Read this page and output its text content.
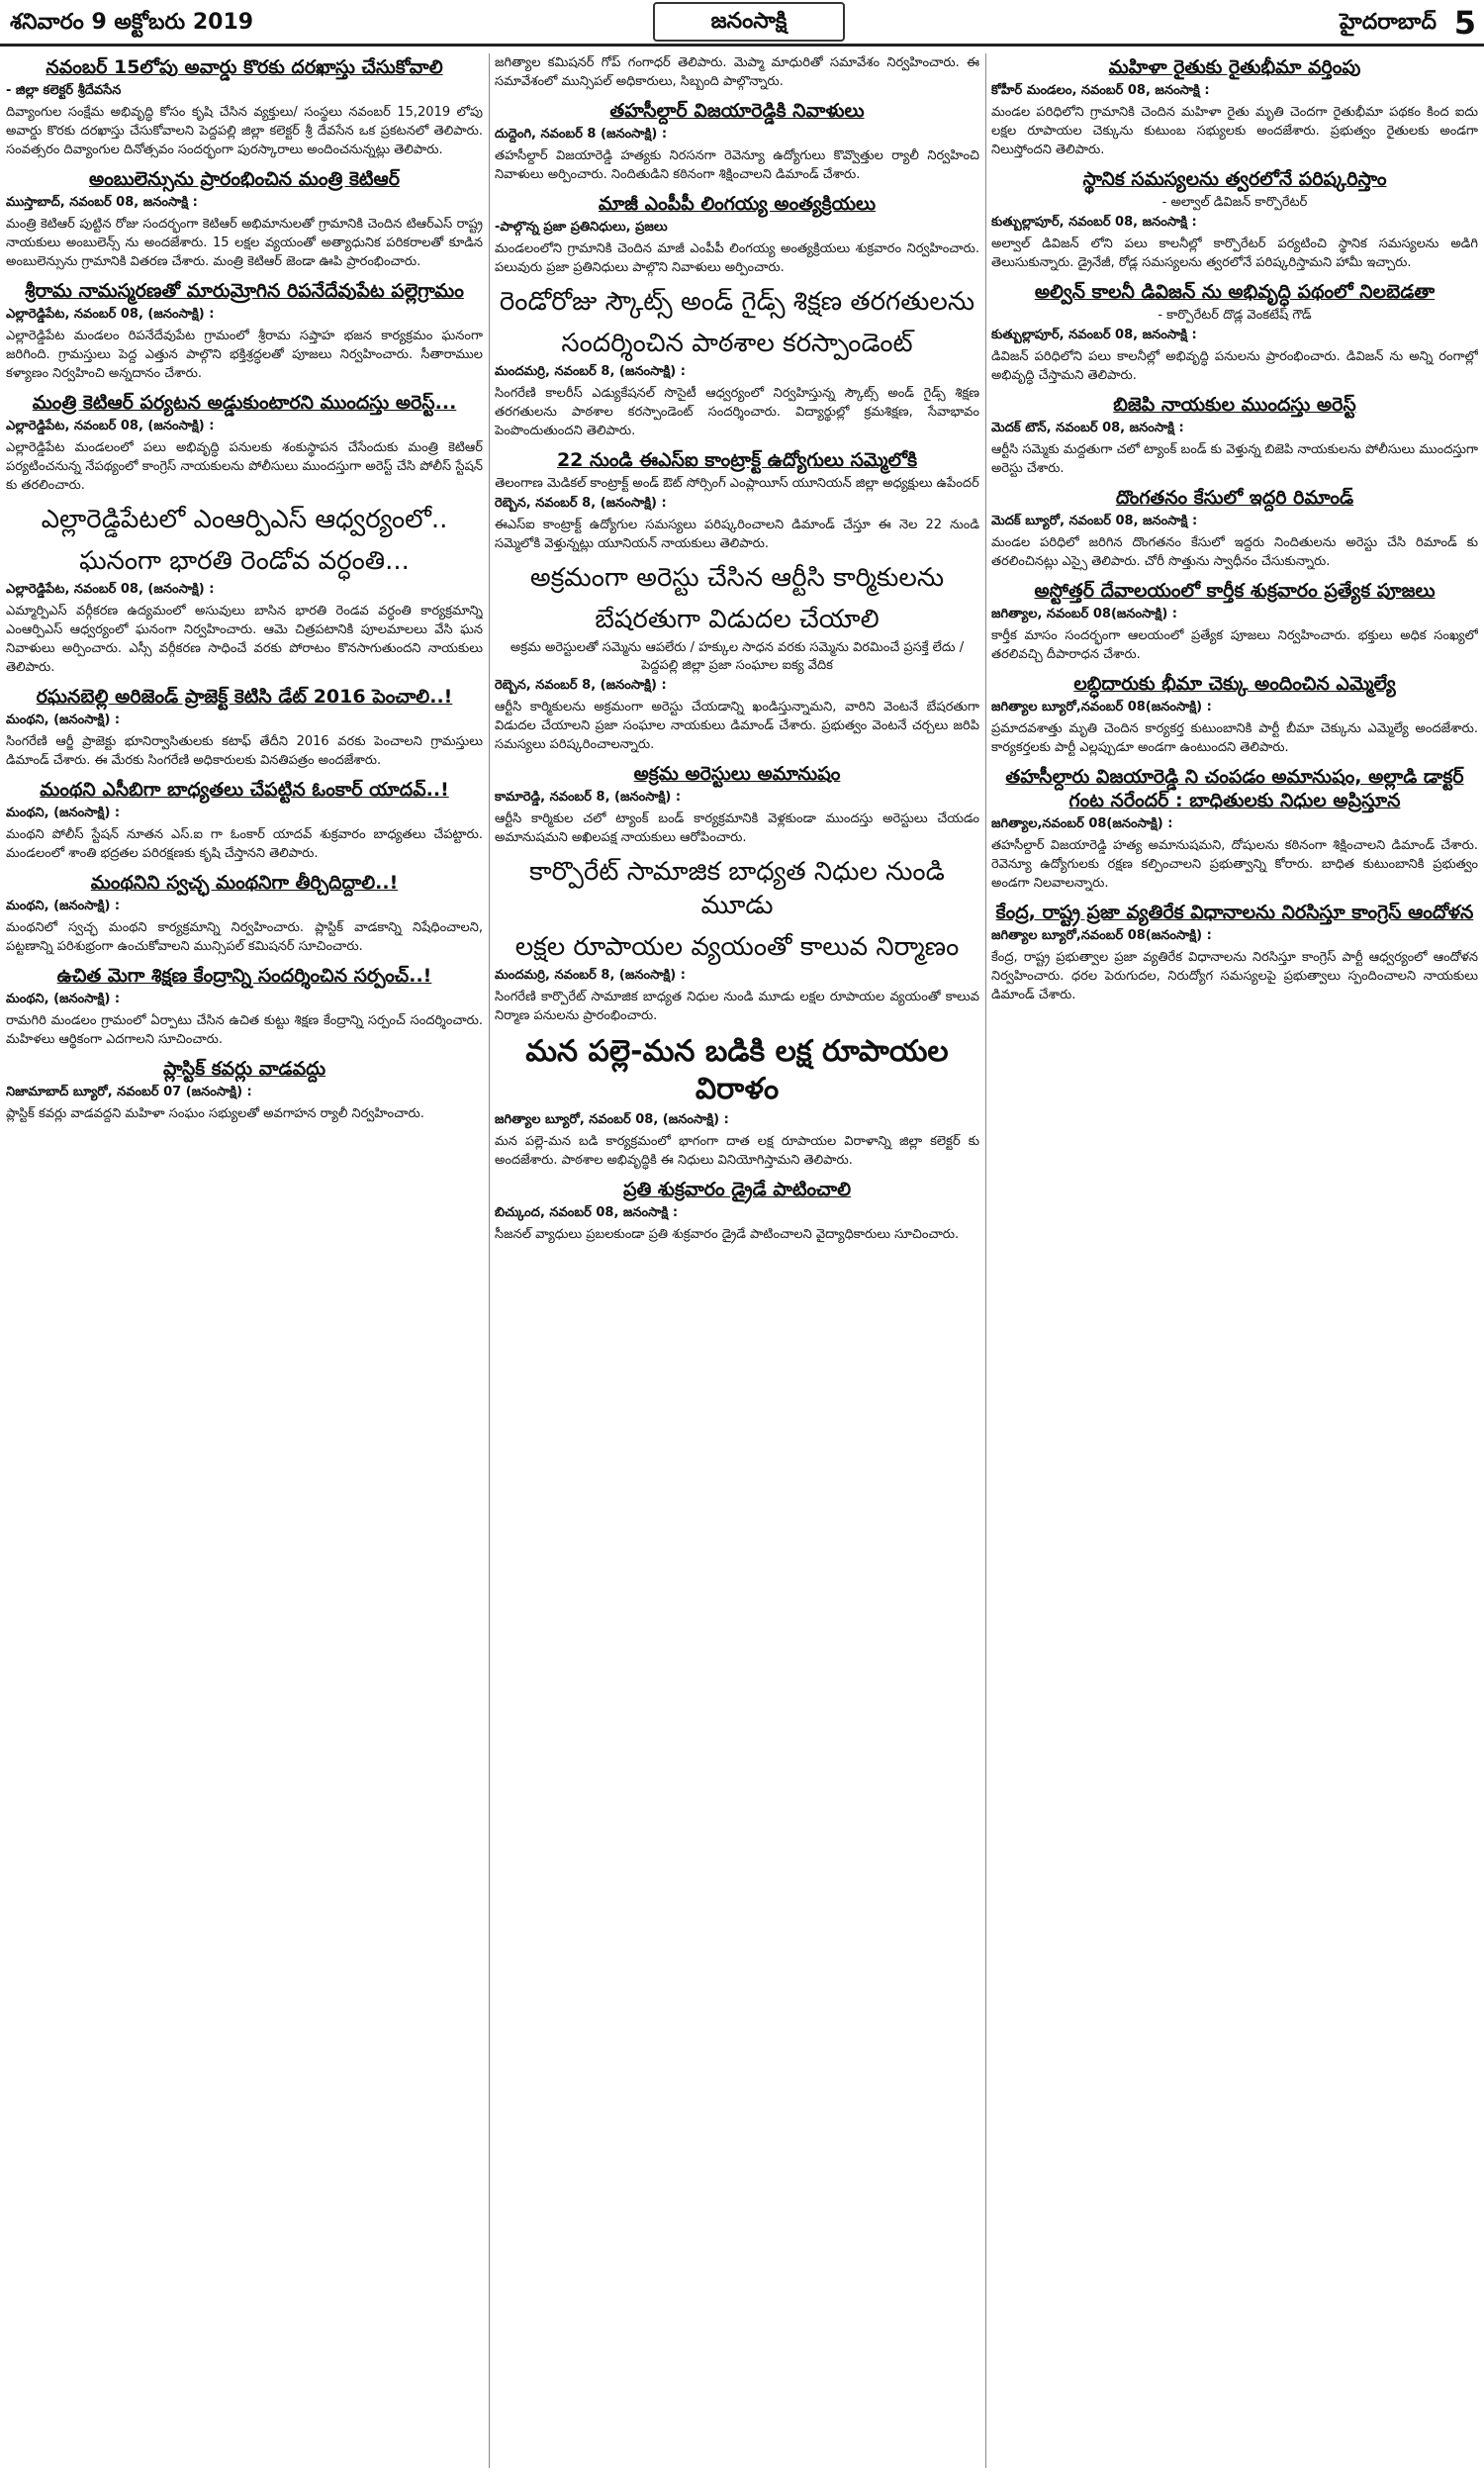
శనివారం 9 అక్టోబరు 2019	జనంసాక్షి	హైదరాబాద్ 5
నవంబర్ 15లోపు అవార్డు కొరకు దరఖాస్తు చేసుకోవాలి
- జిల్లా కలెక్టర్ శ్రీదేవసేన

దివ్యాంగుల సంక్షేమ అభివృద్ధి కోసం కృషి చేసిన వ్యక్తులు/ సంస్థలు నవంబర్ 15,2019 లోపు అవార్డు కొరకు దరఖాస్తు చేసుకోవాలని పెద్దపల్లి జిల్లా కలెక్టర్ శ్రీ దేవసేన ఒక ప్రకటనలో తెలిపారు. సంవత్సరం దివ్యాంగుల దినోత్సవం సందర్భంగా పురస్కారాలు అందించనున్నట్లు తెలిపారు.

అంబులెన్సును ప్రారంభించిన మంత్రి కెటిఆర్
ముస్తాబాద్, నవంబర్ 08, జనంసాక్షి :

మంత్రి కెటిఆర్ పుట్టిన రోజు సందర్భంగా కెటిఆర్ అభిమానులతో గ్రామానికి చెందిన టిఆర్ఎస్ రాష్ట్ర నాయకులు అంబులెన్స్ ను అందజేశారు. 15 లక్షల వ్యయంతో అత్యాధునిక పరికరాలతో కూడిన అంబులెన్సును గ్రామానికి వితరణ చేశారు. మంత్రి కెటిఆర్ జెండా ఊపి ప్రారంభించారు.

శ్రీరామ నామస్మరణతో మారుమ్రోగిన రిపనేదేవుపేట పల్లెగ్రామం
ఎల్లారెడ్డిపేట, నవంబర్ 08, (జనంసాక్షి) :

ఎల్లారెడ్డిపేట మండలం రిపనేదేవుపేట గ్రామంలో శ్రీరామ సప్తాహ భజన కార్యక్రమం ఘనంగా జరిగింది. గ్రామస్తులు పెద్ద ఎత్తున పాల్గొని భక్తిశ్రద్ధలతో పూజలు నిర్వహించారు. సీతారాముల కళ్యాణం నిర్వహించి అన్నదానం చేశారు.

మంత్రి కెటిఆర్ పర్యటన అడ్డుకుంటారని ముందస్తు అరెస్ట్...
ఎల్లారెడ్డిపేట, నవంబర్ 08, (జనంసాక్షి) :

ఎల్లారెడ్డిపేట మండలంలో పలు అభివృద్ధి పనులకు శంకుస్థాపన చేసేందుకు మంత్రి కెటిఆర్ పర్యటించనున్న నేపథ్యంలో కాంగ్రెస్ నాయకులను పోలీసులు ముందస్తుగా అరెస్ట్ చేసి పోలీస్ స్టేషన్ కు తరలించారు.

ఎల్లారెడ్డిపేటలో ఎంఆర్పిఎస్ ఆధ్వర్యంలో..
ఘనంగా భారతి రెండోవ వర్ధంతి...
ఎల్లారెడ్డిపేట, నవంబర్ 08, (జనంసాక్షి) :

ఎమ్మార్పిఎస్ వర్గీకరణ ఉద్యమంలో అసువులు బాసిన భారతి రెండవ వర్ధంతి కార్యక్రమాన్ని ఎంఆర్పిఎస్ ఆధ్వర్యంలో ఘనంగా నిర్వహించారు. ఆమె చిత్రపటానికి పూలమాలలు వేసి ఘన నివాళులు అర్పించారు. ఎస్సీ వర్గీకరణ సాధించే వరకు పోరాటం కొనసాగుతుందని నాయకులు తెలిపారు.

రఘనబెల్లి అరిజెండ్ ప్రాజెక్ట్ కెటిసి డేట్ 2016 పెంచాలి..!
మంథని, (జనంసాక్షి) :

సింగరేణి ఆర్జీ ప్రాజెక్టు భూనిర్వాసితులకు కటాఫ్ తేదీని 2016 వరకు పెంచాలని గ్రామస్తులు డిమాండ్ చేశారు. ఈ మేరకు సింగరేణి అధికారులకు వినతిపత్రం అందజేశారు.

మంథని ఎసీబిగా బాధ్యతలు చేపట్టిన ఓంకార్ యాదవ్..!
మంథని, (జనంసాక్షి) :

మంథని పోలీస్ స్టేషన్ నూతన ఎస్.ఐ గా ఓంకార్ యాదవ్ శుక్రవారం బాధ్యతలు చేపట్టారు. మండలంలో శాంతి భద్రతల పరిరక్షణకు కృషి చేస్తానని తెలిపారు.

మంథనిని స్వచ్ఛ మంథనిగా తీర్చిదిద్దాలి..!
మంథని, (జనంసాక్షి) :

మంథనిలో స్వచ్ఛ మంథని కార్యక్రమాన్ని నిర్వహించారు. ప్లాస్టిక్ వాడకాన్ని నిషేధించాలని, పట్టణాన్ని పరిశుభ్రంగా ఉంచుకోవాలని మున్సిపల్ కమిషనర్ సూచించారు.

ఉచిత మెగా శిక్షణ కేంద్రాన్ని సందర్శించిన సర్పంచ్..!
మంథని, (జనంసాక్షి) :

రామగిరి మండలం గ్రామంలో ఏర్పాటు చేసిన ఉచిత కుట్టు శిక్షణ కేంద్రాన్ని సర్పంచ్ సందర్శించారు. మహిళలు ఆర్థికంగా ఎదగాలని సూచించారు.

ప్లాస్టిక్ కవర్లు వాడవద్దు
నిజామాబాద్ బ్యూరో, నవంబర్ 07 (జనంసాక్షి) :

ప్లాస్టిక్ కవర్లు వాడవద్దని మహిళా సంఘం సభ్యులతో అవగాహన ర్యాలీ నిర్వహించారు.

జగిత్యాల కమిషనర్ గోప్ గంగాధర్ తెలిపారు. మెప్మా మాధురితో సమావేశం నిర్వహించారు. ఈ సమావేశంలో మున్సిపల్ అధికారులు, సిబ్బంది పాల్గొన్నారు.

తహసీల్దార్ విజయారెడ్డికి నివాళులు
దుద్దెంగి, నవంబర్ 8 (జనంసాక్షి) :

తహసీల్దార్ విజయారెడ్డి హత్యకు నిరసనగా రెవెన్యూ ఉద్యోగులు కొవ్వొత్తుల ర్యాలీ నిర్వహించి నివాళులు అర్పించారు. నిందితుడిని కఠినంగా శిక్షించాలని డిమాండ్ చేశారు.

మాజీ ఎంపీపీ లింగయ్య అంత్యక్రియలు
-పాల్గొన్న ప్రజా ప్రతినిధులు, ప్రజలు

మండలంలోని గ్రామానికి చెందిన మాజీ ఎంపీపీ లింగయ్య అంత్యక్రియలు శుక్రవారం నిర్వహించారు. పలువురు ప్రజా ప్రతినిధులు పాల్గొని నివాళులు అర్పించారు.

రెండోరోజు స్కౌట్స్ అండ్ గైడ్స్ శిక్షణ తరగతులను
సందర్శించిన పాఠశాల కరస్పాండెంట్
మందమర్రి, నవంబర్ 8, (జనంసాక్షి) :

సింగరేణి కాలరీస్ ఎడ్యుకేషనల్ సొసైటీ ఆధ్వర్యంలో నిర్వహిస్తున్న స్కౌట్స్ అండ్ గైడ్స్ శిక్షణ తరగతులను పాఠశాల కరస్పాండెంట్ సందర్శించారు. విద్యార్థుల్లో క్రమశిక్షణ, సేవాభావం పెంపొందుతుందని తెలిపారు.

22 నుండి ఈఎస్ఐ కాంట్రాక్ట్ ఉద్యోగులు సమ్మెలోకి
తెలంగాణ మెడికల్ కాంట్రాక్ట్ అండ్ ఔట్ సోర్సింగ్ ఎంప్లాయీస్ యూనియన్ జిల్లా అధ్యక్షులు ఉపేందర్
రెబ్బెన, నవంబర్ 8, (జనంసాక్షి) :

ఈఎస్ఐ కాంట్రాక్ట్ ఉద్యోగుల సమస్యలు పరిష్కరించాలని డిమాండ్ చేస్తూ ఈ నెల 22 నుండి సమ్మెలోకి వెళ్తున్నట్లు యూనియన్ నాయకులు తెలిపారు.

అక్రమంగా అరెస్టు చేసిన ఆర్టీసి కార్మికులను
బేషరతుగా విడుదల చేయాలి
అక్రమ అరెస్టులతో సమ్మెను ఆపలేరు / హక్కుల సాధన వరకు సమ్మెను విరమించే ప్రసక్తే లేదు / పెద్దపల్లి జిల్లా ప్రజా సంఘాల ఐక్య వేదిక
రెబ్బెన, నవంబర్ 8, (జనంసాక్షి) :

ఆర్టీసి కార్మికులను అక్రమంగా అరెస్టు చేయడాన్ని ఖండిస్తున్నామని, వారిని వెంటనే బేషరతుగా విడుదల చేయాలని ప్రజా సంఘాల నాయకులు డిమాండ్ చేశారు. ప్రభుత్వం వెంటనే చర్చలు జరిపి సమస్యలు పరిష్కరించాలన్నారు.

అక్రమ అరెస్టులు అమానుషం
కామారెడ్డి, నవంబర్ 8, (జనంసాక్షి) :

ఆర్టీసి కార్మికుల చలో ట్యాంక్ బండ్ కార్యక్రమానికి వెళ్లకుండా ముందస్తు అరెస్టులు చేయడం అమానుషమని అఖిలపక్ష నాయకులు ఆరోపించారు.

కార్పొరేట్ సామాజిక బాధ్యత నిధుల నుండి మూడు
లక్షల రూపాయల వ్యయంతో కాలువ నిర్మాణం
మందమర్రి, నవంబర్ 8, (జనంసాక్షి) :

సింగరేణి కార్పొరేట్ సామాజిక బాధ్యత నిధుల నుండి మూడు లక్షల రూపాయల వ్యయంతో కాలువ నిర్మాణ పనులను ప్రారంభించారు.

మన పల్లె-మన బడికి లక్ష రూపాయల విరాళం
జగిత్యాల బ్యూరో, నవంబర్ 08, (జనంసాక్షి) :

మన పల్లె-మన బడి కార్యక్రమంలో భాగంగా దాత లక్ష రూపాయల విరాళాన్ని జిల్లా కలెక్టర్ కు అందజేశారు. పాఠశాల అభివృద్ధికి ఈ నిధులు వినియోగిస్తామని తెలిపారు.

ప్రతి శుక్రవారం డ్రైడే పాటించాలి
బిచ్కుంద, నవంబర్ 08, జనంసాక్షి :

సీజనల్ వ్యాధులు ప్రబలకుండా ప్రతి శుక్రవారం డ్రైడే పాటించాలని వైద్యాధికారులు సూచించారు.

మహిళా రైతుకు రైతుభీమా వర్తింపు
కోహీర్ మండలం, నవంబర్ 08, జనంసాక్షి :

మండల పరిధిలోని గ్రామానికి చెందిన మహిళా రైతు మృతి చెందగా రైతుభీమా పథకం కింద ఐదు లక్షల రూపాయల చెక్కును కుటుంబ సభ్యులకు అందజేశారు. ప్రభుత్వం రైతులకు అండగా నిలుస్తోందని తెలిపారు.

స్థానిక సమస్యలను త్వరలోనే పరిష్కరిస్తాం
- అల్వాల్ డివిజన్ కార్పొరేటర్
కుత్బుల్లాపూర్, నవంబర్ 08, జనంసాక్షి :

అల్వాల్ డివిజన్ లోని పలు కాలనీల్లో కార్పొరేటర్ పర్యటించి స్థానిక సమస్యలను అడిగి తెలుసుకున్నారు. డ్రైనేజీ, రోడ్ల సమస్యలను త్వరలోనే పరిష్కరిస్తామని హామీ ఇచ్చారు.

అల్విన్ కాలనీ డివిజన్ ను అభివృద్ధి పథంలో నిలబెడతా
- కార్పొరేటర్ దొడ్ల వెంకటేష్ గౌడ్
కుత్బుల్లాపూర్, నవంబర్ 08, జనంసాక్షి :

డివిజన్ పరిధిలోని పలు కాలనీల్లో అభివృద్ధి పనులను ప్రారంభించారు. డివిజన్ ను అన్ని రంగాల్లో అభివృద్ధి చేస్తామని తెలిపారు.

బిజెపి నాయకుల ముందస్తు అరెస్ట్
మెదక్ టౌన్, నవంబర్ 08, జనంసాక్షి :

ఆర్టీసి సమ్మెకు మద్దతుగా చలో ట్యాంక్ బండ్ కు వెళ్తున్న బిజెపి నాయకులను పోలీసులు ముందస్తుగా అరెస్టు చేశారు.

దొంగతనం కేసులో ఇద్దరి రిమాండ్
మెదక్ బ్యూరో, నవంబర్ 08, జనంసాక్షి :

మండల పరిధిలో జరిగిన దొంగతనం కేసులో ఇద్దరు నిందితులను అరెస్టు చేసి రిమాండ్ కు తరలించినట్లు ఎస్సై తెలిపారు. చోరీ సొత్తును స్వాధీనం చేసుకున్నారు.

అస్టోత్తర్ దేవాలయంలో కార్తీక శుక్రవారం ప్రత్యేక పూజలు
జగిత్యాల, నవంబర్ 08(జనంసాక్షి) :

కార్తీక మాసం సందర్భంగా ఆలయంలో ప్రత్యేక పూజలు నిర్వహించారు. భక్తులు అధిక సంఖ్యలో తరలివచ్చి దీపారాధన చేశారు.

లబ్ధిదారుకు భీమా చెక్కు అందించిన ఎమ్మెల్యే
జగిత్యాల బ్యూరో,నవంబర్ 08(జనంసాక్షి) :

ప్రమాదవశాత్తు మృతి చెందిన కార్యకర్త కుటుంబానికి పార్టీ బీమా చెక్కును ఎమ్మెల్యే అందజేశారు. కార్యకర్తలకు పార్టీ ఎల్లప్పుడూ అండగా ఉంటుందని తెలిపారు.

తహసీల్దారు విజయారెడ్డి ని చంపడం అమానుషం, అల్లాడి డాక్టర్ గంట నరేందర్ : బాధితులకు నిధుల అప్రిస్తూన
జగిత్యాల,నవంబర్ 08(జనంసాక్షి) :

తహసీల్దార్ విజయారెడ్డి హత్య అమానుషమని, దోషులను కఠినంగా శిక్షించాలని డిమాండ్ చేశారు. రెవెన్యూ ఉద్యోగులకు రక్షణ కల్పించాలని ప్రభుత్వాన్ని కోరారు. బాధిత కుటుంబానికి ప్రభుత్వం అండగా నిలవాలన్నారు.

కేంద్ర, రాష్ట్ర ప్రజా వ్యతిరేక విధానాలను నిరసిస్తూ కాంగ్రెస్ ఆందోళన
జగిత్యాల బ్యూరో,నవంబర్ 08(జనంసాక్షి) :

కేంద్ర, రాష్ట్ర ప్రభుత్వాల ప్రజా వ్యతిరేక విధానాలను నిరసిస్తూ కాంగ్రెస్ పార్టీ ఆధ్వర్యంలో ఆందోళన నిర్వహించారు. ధరల పెరుగుదల, నిరుద్యోగ సమస్యలపై ప్రభుత్వాలు స్పందించాలని నాయకులు డిమాండ్ చేశారు.
